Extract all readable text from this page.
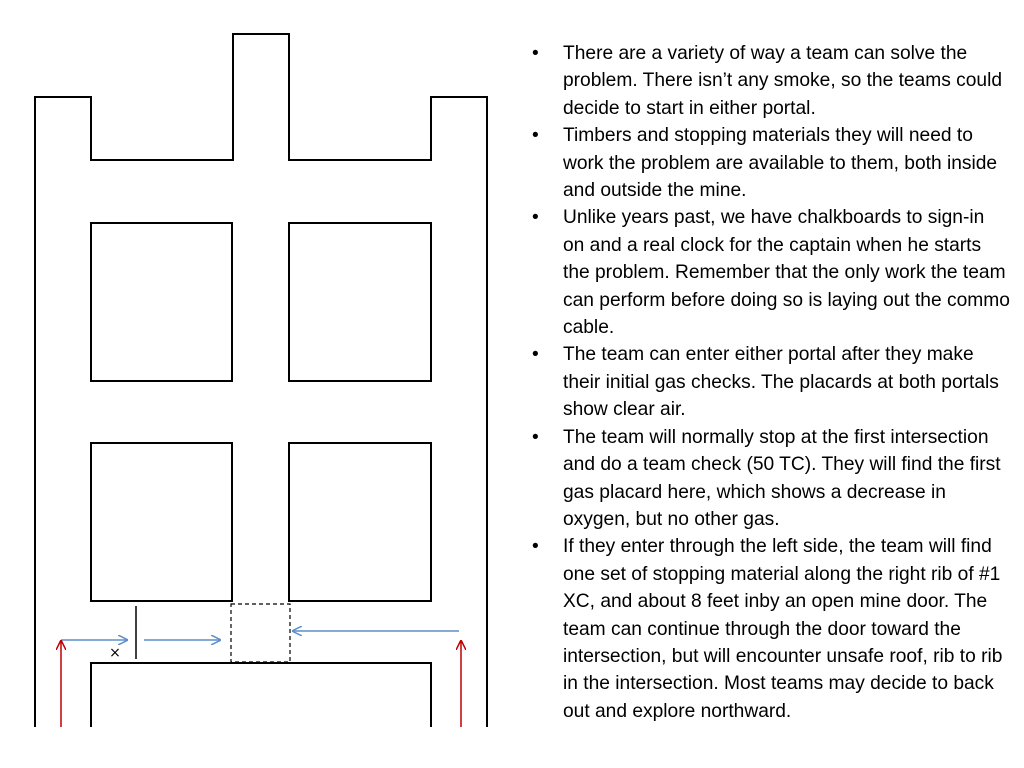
×
•	There are a variety of way a team can solve the problem. There isn’t any smoke, so the teams could decide to start in either portal.
•	Timbers and stopping materials they will need to work the problem are available to them, both inside and outside the mine.
•	Unlike years past, we have chalkboards to sign-in on and a real clock for the captain when he starts the problem. Remember that the only work the team can perform before doing so is laying out the commo cable.
•	The team can enter either portal after they make their initial gas checks. The placards at both portals show clear air.
•	The team will normally stop at the first intersection and do a team check (50 TC). They will find the first gas placard here, which shows a decrease in oxygen, but no other gas.
•	If they enter through the left side, the team will find one set of stopping material along the right rib of #1 XC, and about 8 feet inby an open mine door. The team can continue through the door toward the intersection, but will encounter unsafe roof, rib to rib in the intersection. Most teams may decide to back out and explore northward.
